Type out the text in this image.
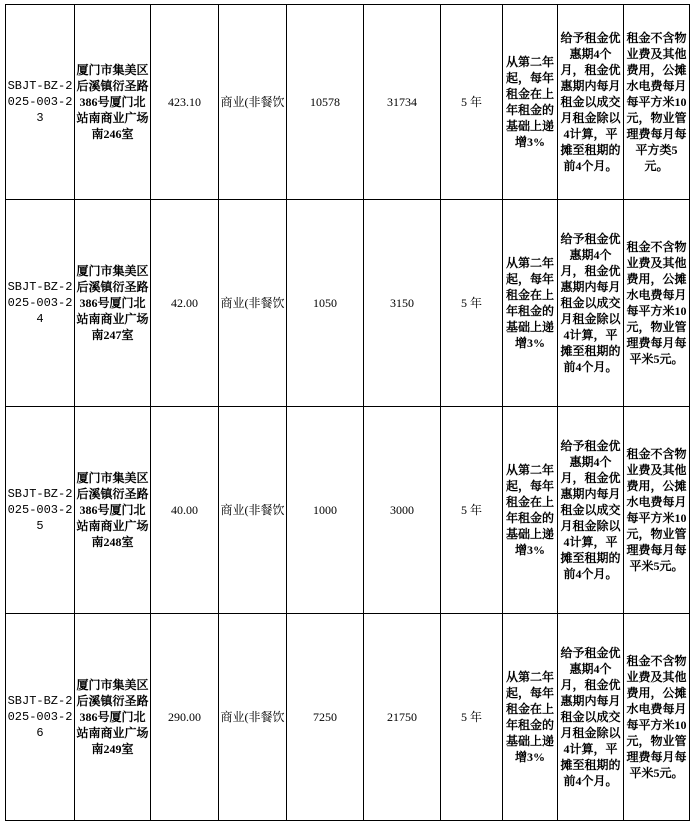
SBJT-BZ-2025-003-23	厦门市集美区后溪镇衍圣路386号厦门北站南商业广场南246室	423.10	商业(非餐饮	10578	31734	5 年	从第二年起，每年租金在上年租金的基础上递增3%	给予租金优惠期4个月，租金优惠期内每月租金以成交月租金除以4计算，平摊至租期的前4个月。	租金不含物业费及其他费用，公摊水电费每月每平方米10元，物业管理费每月每平方类5元。
SBJT-BZ-2025-003-24	厦门市集美区后溪镇衍圣路386号厦门北站南商业广场南247室	42.00	商业(非餐饮	1050	3150	5 年	从第二年起，每年租金在上年租金的基础上递增3%	给予租金优惠期4个月，租金优惠期内每月租金以成交月租金除以4计算，平摊至租期的前4个月。	租金不含物业费及其他费用，公摊水电费每月每平方米10元，物业管理费每月每平米5元。
SBJT-BZ-2025-003-25	厦门市集美区后溪镇衍圣路386号厦门北站南商业广场南248室	40.00	商业(非餐饮	1000	3000	5 年	从第二年起，每年租金在上年租金的基础上递增3%	给予租金优惠期4个月，租金优惠期内每月租金以成交月租金除以4计算，平摊至租期的前4个月。	租金不含物业费及其他费用，公摊水电费每月每平方米10元，物业管理费每月每平米5元。
SBJT-BZ-2025-003-26	厦门市集美区后溪镇衍圣路386号厦门北站南商业广场南249室	290.00	商业(非餐饮	7250	21750	5 年	从第二年起，每年租金在上年租金的基础上递增3%	给予租金优惠期4个月，租金优惠期内每月租金以成交月租金除以4计算，平摊至租期的前4个月。	租金不含物业费及其他费用，公摊水电费每月每平方米10元，物业管理费每月每平米5元。
